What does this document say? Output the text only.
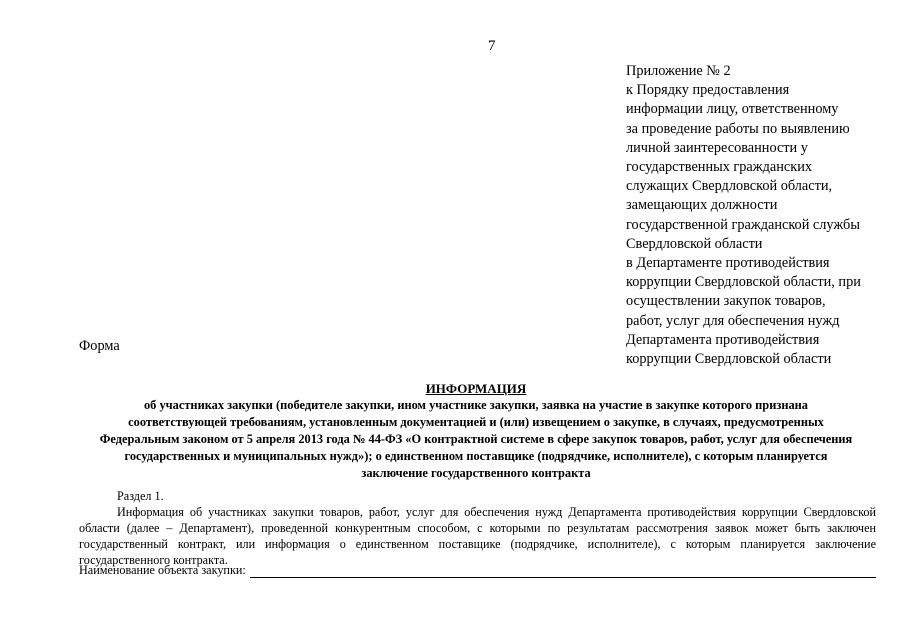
7
Приложение № 2
к Порядку предоставления
информации лицу, ответственному
за проведение работы по выявлению
личной заинтересованности у
государственных гражданских
служащих Свердловской области,
замещающих должности
государственной гражданской службы
Свердловской области
в Департаменте противодействия
коррупции Свердловской области, при
осуществлении закупок товаров,
работ, услуг для обеспечения нужд
Департамента противодействия
коррупции Свердловской области
Форма
ИНФОРМАЦИЯ
об участниках закупки (победителе закупки, ином участнике закупки, заявка на участие в закупке которого признана
соответствующей требованиям, установленным документацией и (или) извещением о закупке, в случаях, предусмотренных
Федеральным законом от 5 апреля 2013 года № 44-ФЗ «О контрактной системе в сфере закупок товаров, работ, услуг для обеспечения
государственных и муниципальных нужд»); о единственном поставщике (подрядчике, исполнителе), с которым планируется
заключение государственного контракта
Раздел 1.
Информация об участниках закупки товаров, работ, услуг для обеспечения нужд Департамента противодействия коррупции Свердловской
области (далее – Департамент), проведенной конкурентным способом, с которыми по результатам рассмотрения заявок может быть заключен
государственный контракт, или информация о единственном поставщике (подрядчике, исполнителе), с которым планируется заключение
государственного контракта.
Наименование объекта закупки:
